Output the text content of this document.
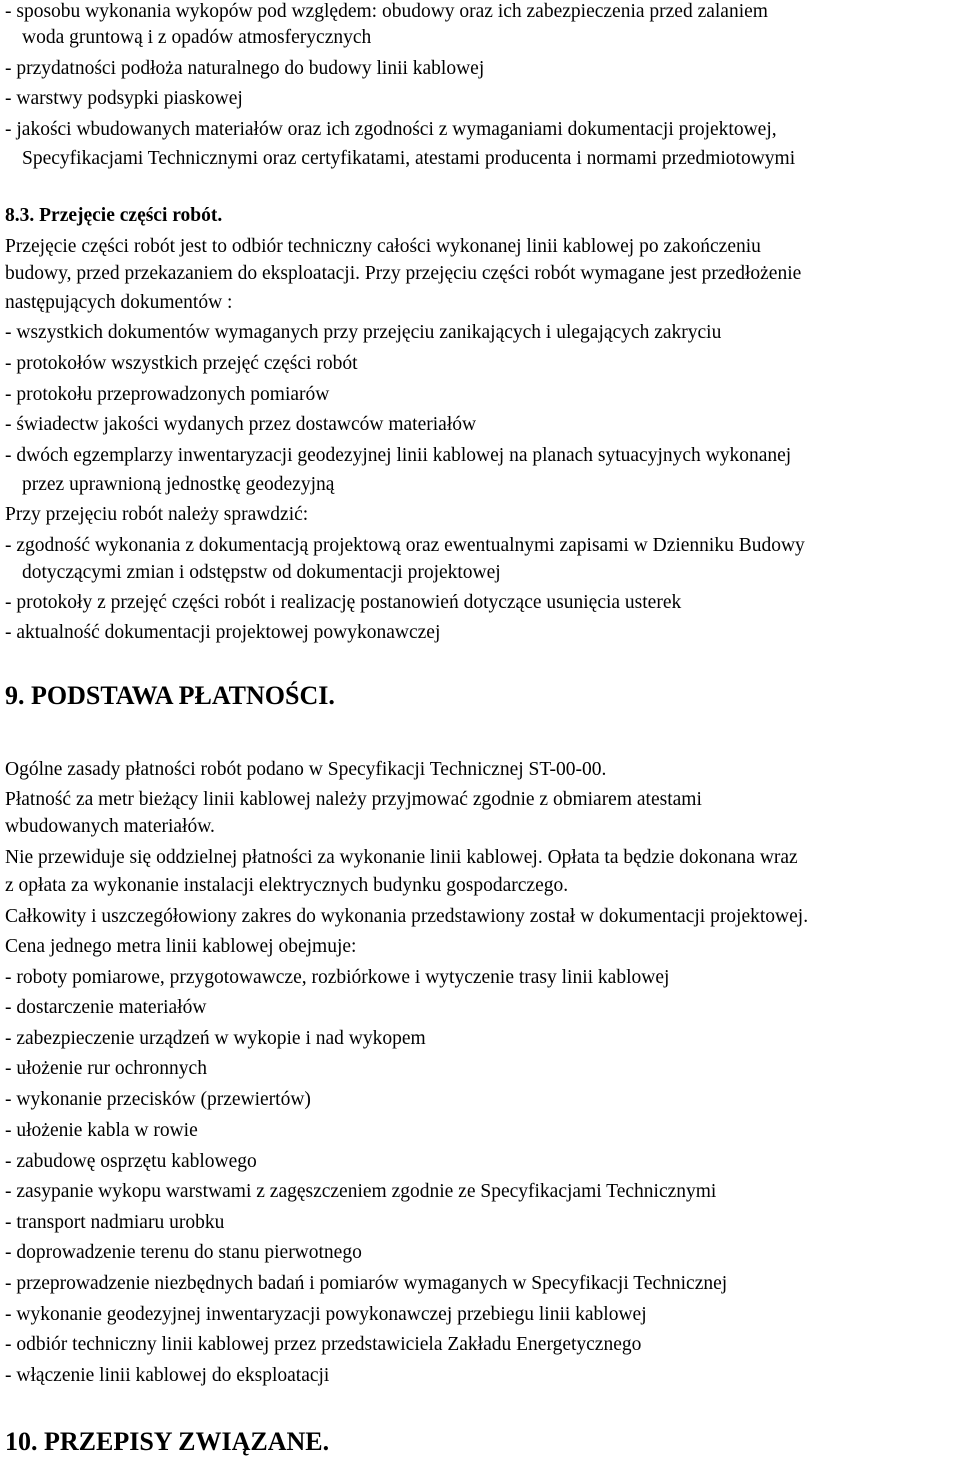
- sposobu wykonania wykopów pod względem: obudowy oraz ich zabezpieczenia przed zalaniem

woda gruntową i z opadów atmosferycznych

- przydatności podłoża naturalnego do budowy linii kablowej

- warstwy podsypki piaskowej

- jakości wbudowanych materiałów oraz ich zgodności z wymaganiami dokumentacji projektowej,

Specyfikacjami Technicznymi oraz certyfikatami, atestami producenta i normami przedmiotowymi

8.3. Przejęcie części robót.

Przejęcie części robót jest to odbiór techniczny całości wykonanej linii kablowej po zakończeniu

budowy, przed przekazaniem do eksploatacji. Przy przejęciu części robót wymagane jest przedłożenie

następujących dokumentów :

- wszystkich dokumentów wymaganych przy przejęciu zanikających i ulegających zakryciu

- protokołów wszystkich przejęć części robót

- protokołu przeprowadzonych pomiarów

- świadectw jakości wydanych przez dostawców materiałów

- dwóch egzemplarzy inwentaryzacji geodezyjnej linii kablowej na planach sytuacyjnych wykonanej

przez uprawnioną jednostkę geodezyjną

Przy przejęciu robót należy sprawdzić:

- zgodność wykonania z dokumentacją projektową oraz ewentualnymi zapisami w Dzienniku Budowy

dotyczącymi zmian i odstępstw od dokumentacji projektowej

- protokoły z przejęć części robót i realizację postanowień dotyczące usunięcia usterek

- aktualność dokumentacji projektowej powykonawczej

9. PODSTAWA PŁATNOŚCI.

Ogólne zasady płatności robót podano w Specyfikacji Technicznej ST-00-00.

Płatność za metr bieżący linii kablowej należy przyjmować zgodnie z obmiarem atestami

wbudowanych materiałów.

Nie przewiduje się oddzielnej płatności za wykonanie linii kablowej. Opłata ta będzie dokonana wraz

z opłata za wykonanie instalacji elektrycznych budynku gospodarczego.

Całkowity i uszczegółowiony zakres do wykonania przedstawiony został w dokumentacji projektowej.

Cena jednego metra linii kablowej obejmuje:

- roboty pomiarowe, przygotowawcze, rozbiórkowe i wytyczenie trasy linii kablowej

- dostarczenie materiałów

- zabezpieczenie urządzeń w wykopie i nad wykopem

- ułożenie rur ochronnych

- wykonanie przecisków (przewiertów)

- ułożenie kabla w rowie

- zabudowę osprzętu kablowego

- zasypanie wykopu warstwami z zagęszczeniem zgodnie ze Specyfikacjami Technicznymi

- transport nadmiaru urobku

- doprowadzenie terenu do stanu pierwotnego

- przeprowadzenie niezbędnych badań i pomiarów wymaganych w Specyfikacji Technicznej

- wykonanie geodezyjnej inwentaryzacji powykonawczej przebiegu linii kablowej

- odbiór techniczny linii kablowej przez przedstawiciela Zakładu Energetycznego

- włączenie linii kablowej do eksploatacji

10. PRZEPISY ZWIĄZANE.
